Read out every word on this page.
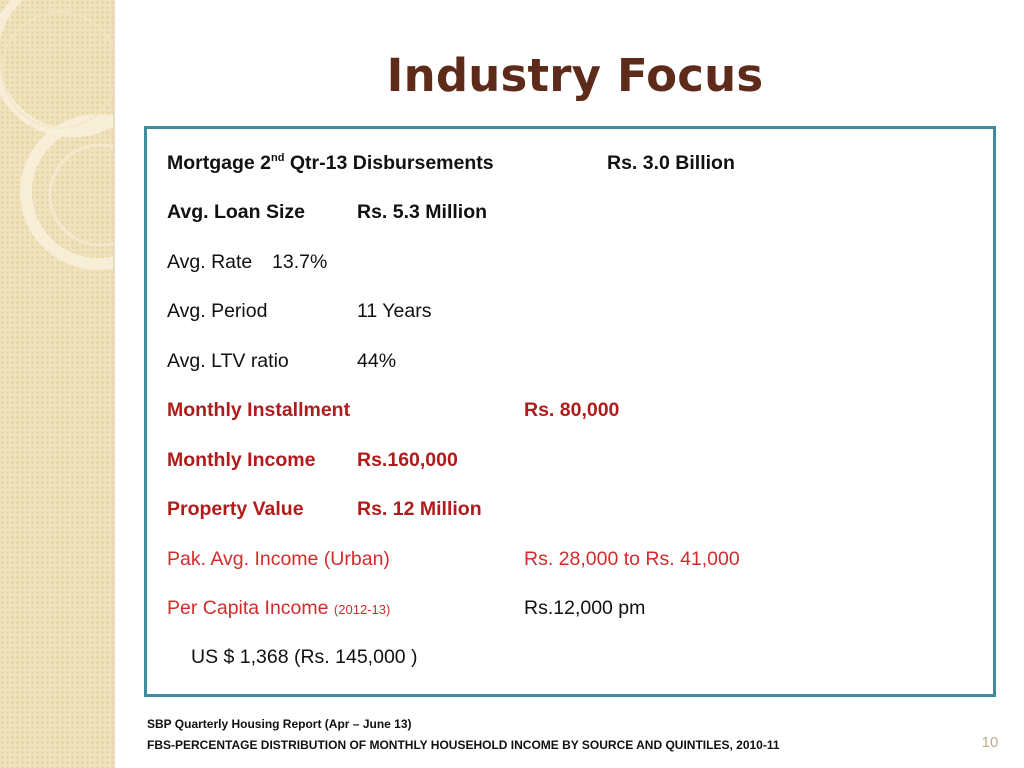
Industry Focus
Mortgage 2nd Qtr-13 Disbursements	Rs. 3.0 Billion
Avg. Loan Size	Rs. 5.3 Million
Avg. Rate 13.7%
Avg. Period	11 Years
Avg. LTV ratio	44%
Monthly Installment	Rs. 80,000
Monthly Income Rs.160,000
Property Value	Rs. 12 Million
Pak. Avg. Income (Urban)	Rs. 28,000 to Rs. 41,000
Per Capita Income (2012-13)	Rs.12,000 pm
US $ 1,368 (Rs. 145,000 )
SBP Quarterly Housing Report (Apr – June 13)
FBS-PERCENTAGE DISTRIBUTION OF MONTHLY HOUSEHOLD INCOME BY SOURCE AND QUINTILES, 2010-11	10
